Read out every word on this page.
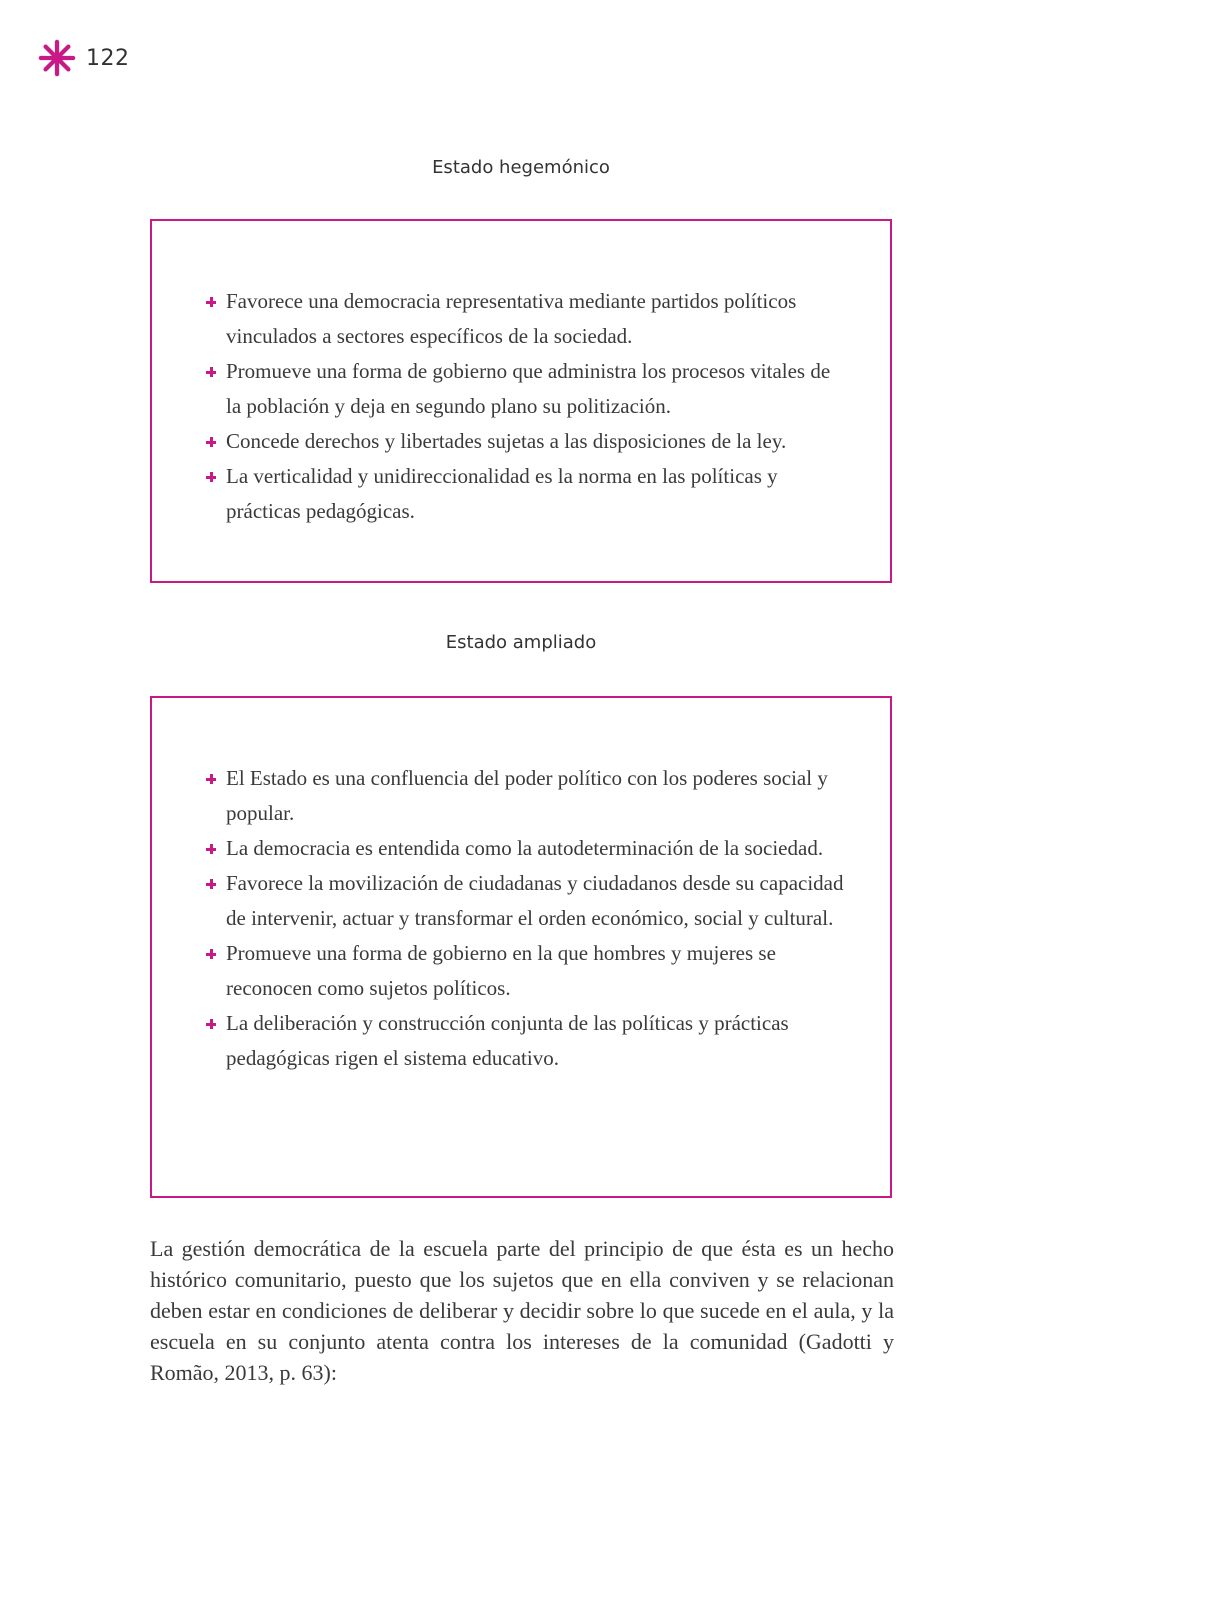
122
Estado hegemónico
Favorece una democracia representativa mediante partidos políticos vinculados a sectores específicos de la sociedad.
Promueve una forma de gobierno que administra los procesos vitales de la población y deja en segundo plano su politización.
Concede derechos y libertades sujetas a las disposiciones de la ley.
La verticalidad y unidireccionalidad es la norma en las políticas y prácticas pedagógicas.
Estado ampliado
El Estado es una confluencia del poder político con los poderes social y popular.
La democracia es entendida como la autodeterminación de la sociedad.
Favorece la movilización de ciudadanas y ciudadanos desde su capacidad de intervenir, actuar y transformar el orden económico, social y cultural.
Promueve una forma de gobierno en la que hombres y mujeres se reconocen como sujetos políticos.
La deliberación y construcción conjunta de las políticas y prácticas pedagógicas rigen el sistema educativo.

La gestión democrática de la escuela parte del principio de que ésta es un hecho histórico comunitario, puesto que los sujetos que en ella conviven y se relacionan deben estar en condiciones de deliberar y decidir sobre lo que sucede en el aula, y la escuela en su conjunto atenta contra los intereses de la comunidad (Gadotti y Romão, 2013, p. 63):
